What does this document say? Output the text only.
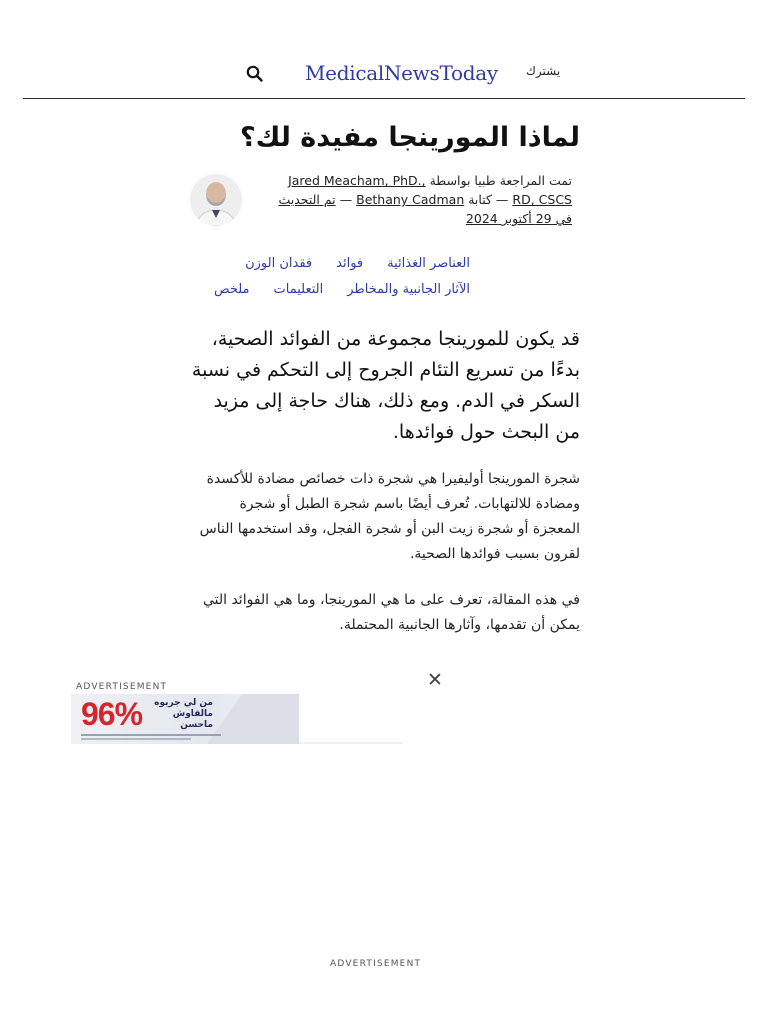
MedicalNewsToday يشترك
لماذا المورينجا مفيدة لك؟
تمت المراجعة طبيا بواسطة Jared Meacham, PhD., RD, CSCS — كتابة Bethany Cadman — تم التحديث في 29 أكتوبر 2024
فقدان الوزن فوائد العناصر الغذائية
ملخص التعليمات الآثار الجانبية والمخاطر

قد يكون للمورينجا مجموعة من الفوائد الصحية، بدءًا من تسريع التئام الجروح إلى التحكم في نسبة السكر في الدم. ومع ذلك، هناك حاجة إلى مزيد من البحث حول فوائدها.

شجرة المورينجا أوليفيرا هي شجرة ذات خصائص مضادة للأكسدة ومضادة للالتهابات. تُعرف أيضًا باسم شجرة الطبل أو شجرة المعجزة أو شجرة زيت البن أو شجرة الفجل، وقد استخدمها الناس لقرون بسبب فوائدها الصحية.

في هذه المقالة، تعرف على ما هي المورينجا، وما هي الفوائد التي يمكن أن تقدمها، وآثارها الجانبية المحتملة.

ADVERTISEMENT	✕
96%	من لي جريوه مالقاوش ماحسن
ADVERTISEMENT
